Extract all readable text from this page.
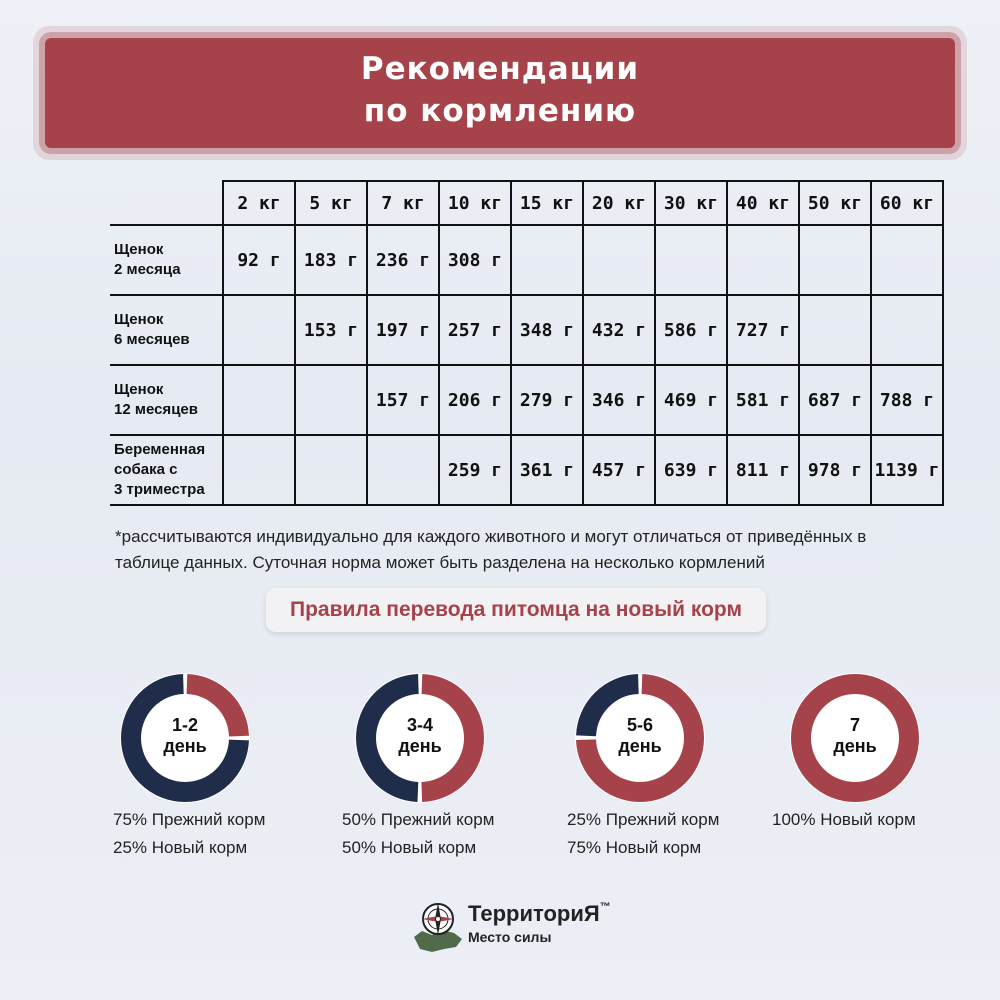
Рекомендации
по кормлению
	2 кг	5 кг	7 кг	10 кг	15 кг	20 кг	30 кг	40 кг	50 кг	60 кг

Щенок
2 месяца	92 г	183 г	236 г	308 г						

Щенок
6 месяцев		153 г	197 г	257 г	348 г	432 г	586 г	727 г		

Щенок
12 месяцев			157 г	206 г	279 г	346 г	469 г	581 г	687 г	788 г

Беременная
собака с
3 триместра				259 г	361 г	457 г	639 г	811 г	978 г	1139 г
*рассчитываются индивидуально для каждого животного и могут отличаться от приведённых в
таблице данных. Суточная норма может быть разделена на несколько кормлений
Правила перевода питомца на новый корм
1-2
день
75% Прежний корм
25% Новый корм
3-4
день
50% Прежний корм
50% Новый корм
5-6
день
25% Прежний корм
75% Новый корм
7
день
100% Новый корм
ТерриториЯ™
Место силы
